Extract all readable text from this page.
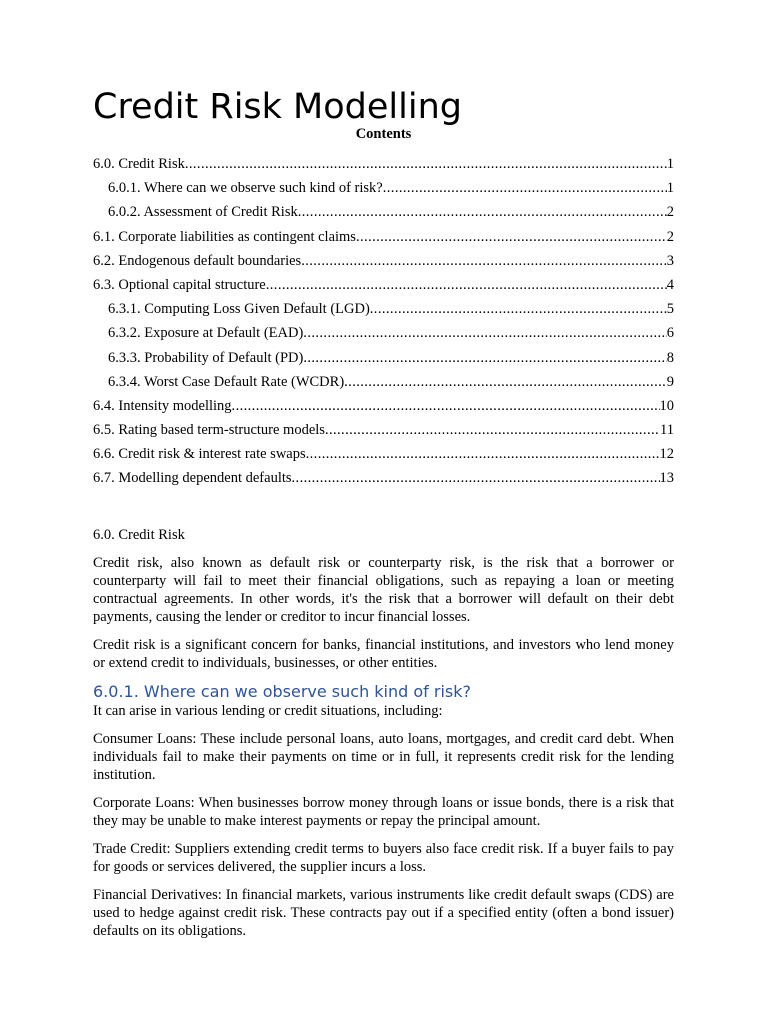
Credit Risk Modelling
Contents
6.0. Credit Risk .....	1
6.0.1. Where can we observe such kind of risk? .....	1
6.0.2. Assessment of Credit Risk .....	2
6.1. Corporate liabilities as contingent claims .....	2
6.2. Endogenous default boundaries .....	3
6.3. Optional capital structure .....	4
6.3.1. Computing Loss Given Default (LGD) .....	5
6.3.2. Exposure at Default (EAD) .....	6
6.3.3. Probability of Default (PD) .....	8
6.3.4. Worst Case Default Rate (WCDR) .....	9
6.4. Intensity modelling .....	10
6.5. Rating based term-structure models .....	11
6.6. Credit risk & interest rate swaps .....	12
6.7. Modelling dependent defaults .....	13
6.0. Credit Risk

Credit risk, also known as default risk or counterparty risk, is the risk that a borrower or counterparty will fail to meet their financial obligations, such as repaying a loan or meeting contractual agreements. In other words, it's the risk that a borrower will default on their debt payments, causing the lender or creditor to incur financial losses.

Credit risk is a significant concern for banks, financial institutions, and investors who lend money or extend credit to individuals, businesses, or other entities.

6.0.1. Where can we observe such kind of risk?

It can arise in various lending or credit situations, including:

Consumer Loans: These include personal loans, auto loans, mortgages, and credit card debt. When individuals fail to make their payments on time or in full, it represents credit risk for the lending institution.

Corporate Loans: When businesses borrow money through loans or issue bonds, there is a risk that they may be unable to make interest payments or repay the principal amount.

Trade Credit: Suppliers extending credit terms to buyers also face credit risk. If a buyer fails to pay for goods or services delivered, the supplier incurs a loss.

Financial Derivatives: In financial markets, various instruments like credit default swaps (CDS) are used to hedge against credit risk. These contracts pay out if a specified entity (often a bond issuer) defaults on its obligations.
